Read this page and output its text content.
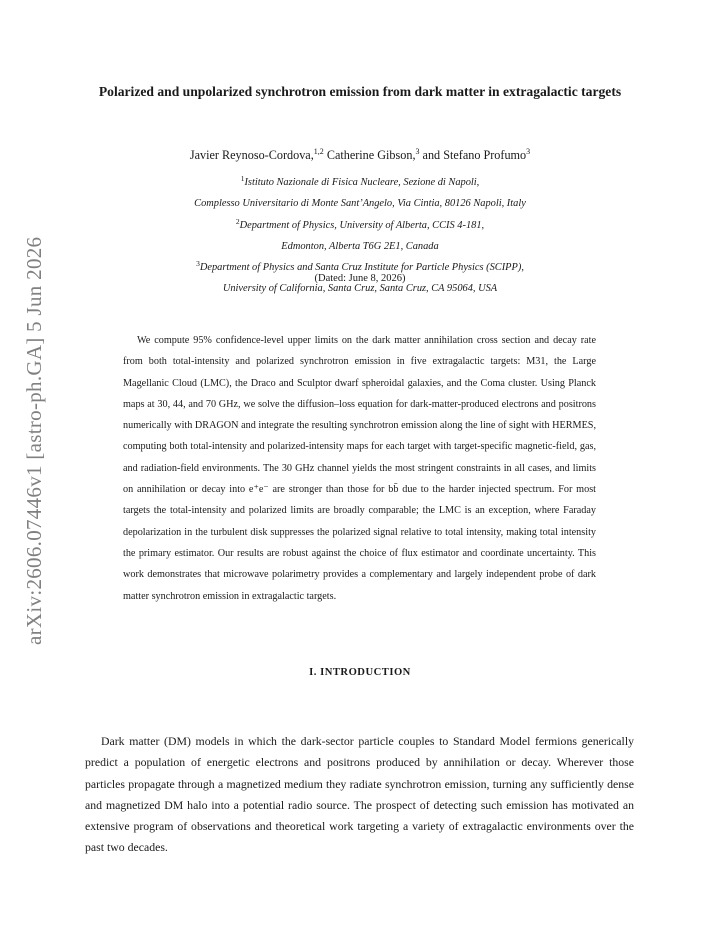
arXiv:2606.07446v1 [astro-ph.GA] 5 Jun 2026
Polarized and unpolarized synchrotron emission from dark matter in extragalactic targets
Javier Reynoso-Cordova,$^{1,2}$ Catherine Gibson,$^3$ and Stefano Profumo$^3$
$^1$Istituto Nazionale di Fisica Nucleare, Sezione di Napoli,
Complesso Universitario di Monte Sant’Angelo, Via Cintia, 80126 Napoli, Italy
$^2$Department of Physics, University of Alberta, CCIS 4-181,
Edmonton, Alberta T6G 2E1, Canada
$^3$Department of Physics and Santa Cruz Institute for Particle Physics (SCIPP),
University of California, Santa Cruz, Santa Cruz, CA 95064, USA
(Dated: June 8, 2026)
We compute 95% confidence-level upper limits on the dark matter annihilation cross section and decay rate from both total-intensity and polarized synchrotron emission in five extragalactic targets: M31, the Large Magellanic Cloud (LMC), the Draco and Sculptor dwarf spheroidal galaxies, and the Coma cluster. Using Planck maps at 30, 44, and 70 GHz, we solve the diffusion–loss equation for dark-matter-produced electrons and positrons numerically with DRAGON and integrate the resulting synchrotron emission along the line of sight with HERMES, computing both total-intensity and polarized-intensity maps for each target with target-specific magnetic-field, gas, and radiation-field environments. The 30 GHz channel yields the most stringent constraints in all cases, and limits on annihilation or decay into e⁺e⁻ are stronger than those for bb̄ due to the harder injected spectrum. For most targets the total-intensity and polarized limits are broadly comparable; the LMC is an exception, where Faraday depolarization in the turbulent disk suppresses the polarized signal relative to total intensity, making total intensity the primary estimator. Our results are robust against the choice of flux estimator and coordinate uncertainty. This work demonstrates that microwave polarimetry provides a complementary and largely independent probe of dark matter synchrotron emission in extragalactic targets.
I. INTRODUCTION
Dark matter (DM) models in which the dark-sector particle couples to Standard Model fermions generically predict a population of energetic electrons and positrons produced by annihilation or decay. Wherever those particles propagate through a magnetized medium they radiate synchrotron emission, turning any sufficiently dense and magnetized DM halo into a potential radio source. The prospect of detecting such emission has motivated an extensive program of observations and theoretical work targeting a variety of extragalactic environments over the past two decades.
